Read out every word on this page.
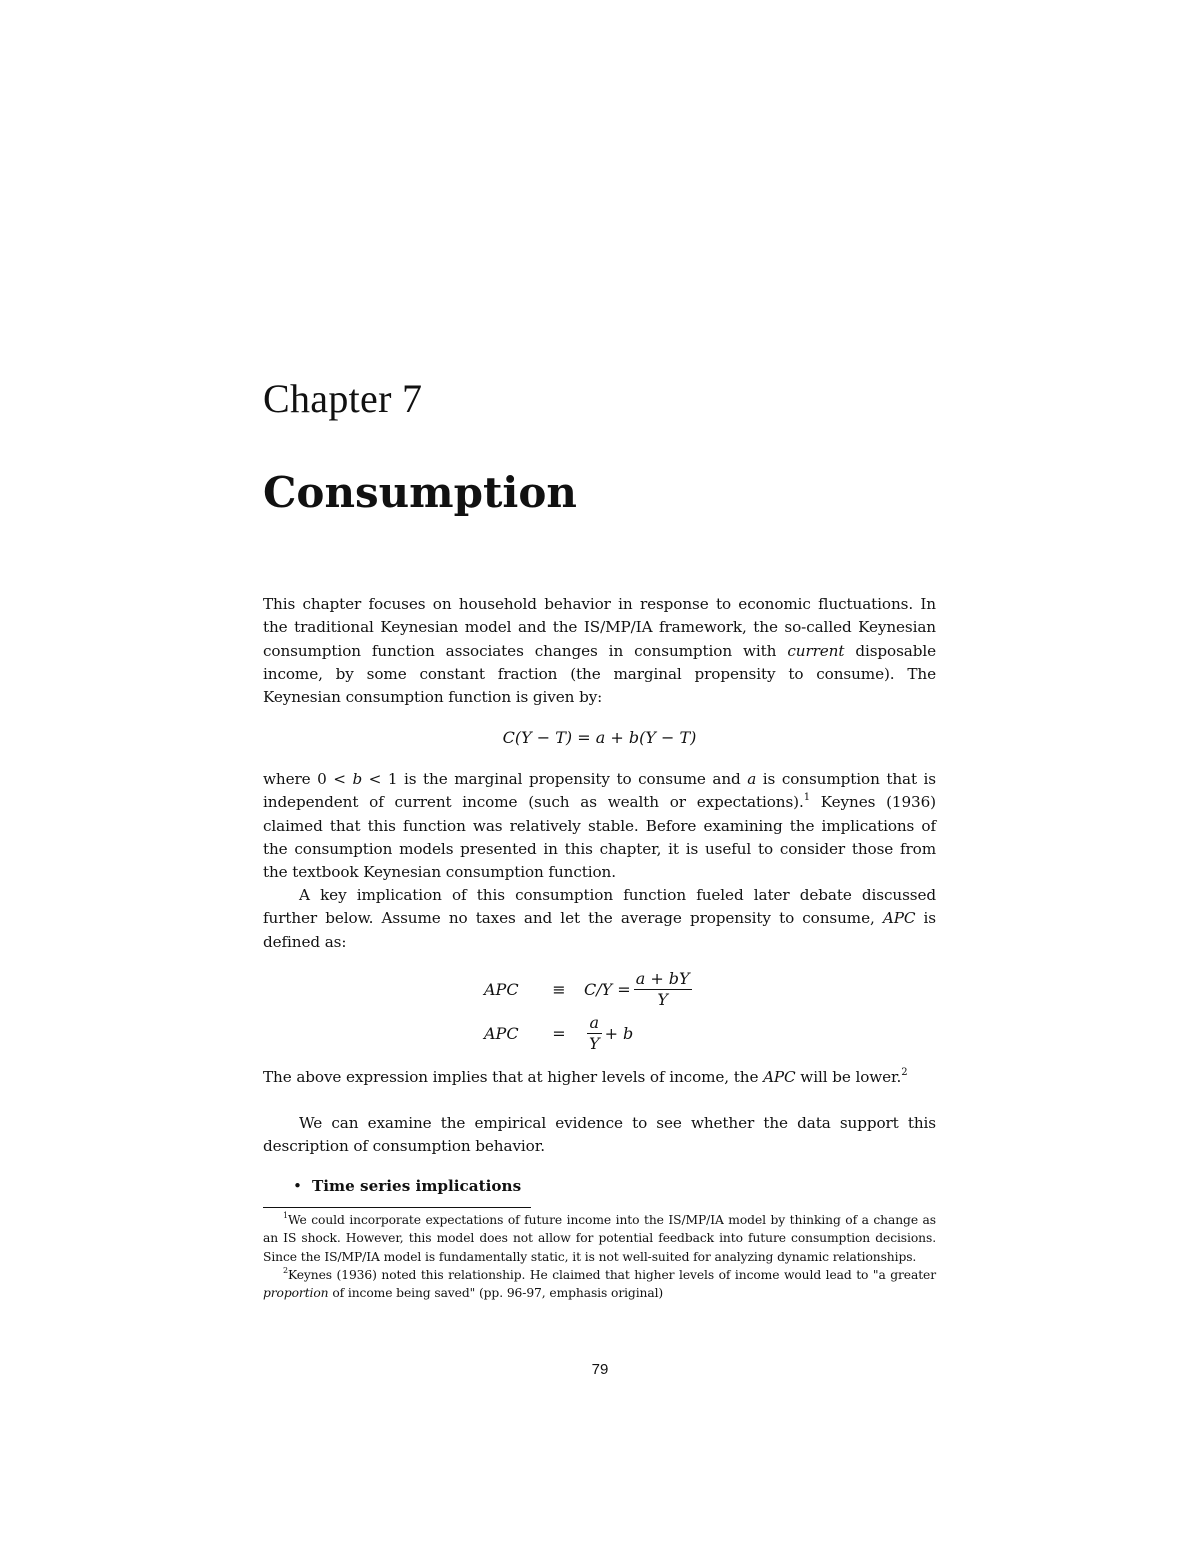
Chapter 7
Consumption

This chapter focuses on household behavior in response to economic fluctuations. In the traditional Keynesian model and the IS/MP/IA framework, the so-called Keynesian consumption function associates changes in consumption with current disposable income, by some constant fraction (the marginal propensity to consume). The Keynesian consumption function is given by:

C(Y − T) = a + b(Y − T)

where 0 < b < 1 is the marginal propensity to consume and a is consumption that is independent of current income (such as wealth or expectations).$^1$ Keynes (1936) claimed that this function was relatively stable. Before examining the implications of the consumption models presented in this chapter, it is useful to consider those from the textbook Keynesian consumption function.

A key implication of this consumption function fueled later debate discussed further below. Assume no taxes and let the average propensity to consume, APC is defined as:

APC	≡	$C/Y = \frac{a + bY}{Y}$
APC	=	$\frac{a}{Y} + b$

The above expression implies that at higher levels of income, the APC will be lower.$^2$

We can examine the empirical evidence to see whether the data support this description of consumption behavior.

• Time series implications

$^1$We could incorporate expectations of future income into the IS/MP/IA model by thinking of a change as an IS shock. However, this model does not allow for potential feedback into future consumption decisions. Since the IS/MP/IA model is fundamentally static, it is not well-suited for analyzing dynamic relationships.

$^2$Keynes (1936) noted this relationship. He claimed that higher levels of income would lead to "a greater proportion of income being saved" (pp. 96-97, emphasis original)

79
